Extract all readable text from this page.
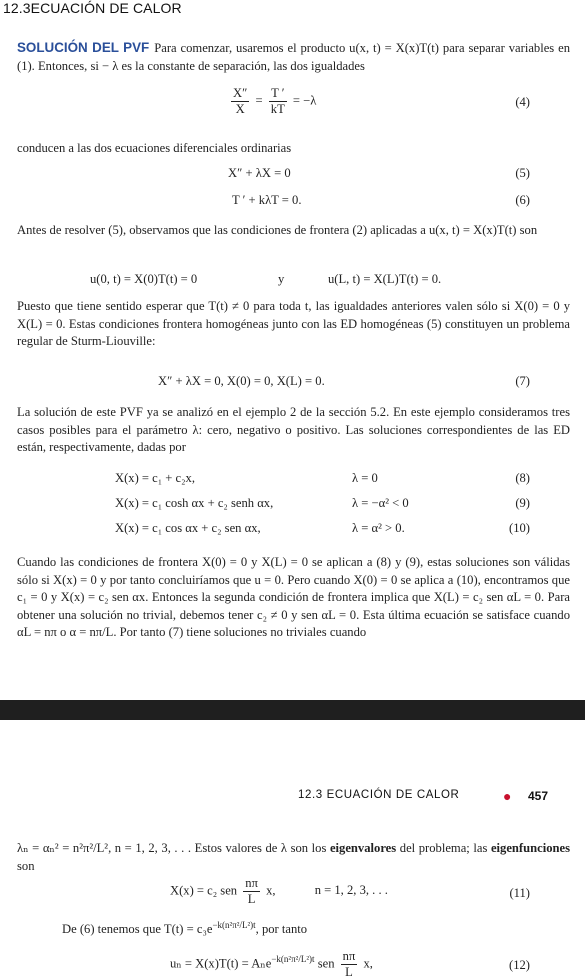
12.3ECUACIÓN DE CALOR
SOLUCIÓN DEL PVF Para comenzar, usaremos el producto u(x, t) = X(x)T(t) para separar variables en (1). Entonces, si − λ es la constante de separación, las dos igualdades
$\frac{X''}{X} = \frac{T '}{kT} = -\lambda$	(4)
conducen a las dos ecuaciones diferenciales ordinarias
X″ + λX = 0	(5)
T ′ + kλT = 0.	(6)
Antes de resolver (5), observamos que las condiciones de frontera (2) aplicadas a u(x, t) = X(x)T(t) son
u(0, t) = X(0)T(t) = 0	y	u(L, t) = X(L)T(t) = 0.
Puesto que tiene sentido esperar que T(t) ≠ 0 para toda t, las igualdades anteriores valen sólo si X(0) = 0 y X(L) = 0. Estas condiciones frontera homogéneas junto con las ED homogéneas (5) constituyen un problema regular de Sturm-Liouville:
X″ + λX = 0, X(0) = 0, X(L) = 0.	(7)
La solución de este PVF ya se analizó en el ejemplo 2 de la sección 5.2. En este ejemplo consideramos tres casos posibles para el parámetro λ: cero, negativo o positivo. Las soluciones correspondientes de las ED están, respectivamente, dadas por
X(x) = c₁ + c₂x,	λ = 0	(8)
X(x) = c₁ cosh αx + c₂ senh αx,	λ = −α² < 0	(9)
X(x) = c₁ cos αx + c₂ sen αx,	λ = α² > 0.	(10)
Cuando las condiciones de frontera X(0) = 0 y X(L) = 0 se aplican a (8) y (9), estas soluciones son válidas sólo si X(x) = 0 y por tanto concluiríamos que u = 0. Pero cuando X(0) = 0 se aplica a (10), encontramos que c₁ = 0 y X(x) = c₂ sen αx. Entonces la segunda condición de frontera implica que X(L) = c₂ sen αL = 0. Para obtener una solución no trivial, debemos tener c₂ ≠ 0 y sen αL = 0. Esta última ecuación se satisface cuando αL = nπ o α = nπ/L. Por tanto (7) tiene soluciones no triviales cuando
12.3 ECUACIÓN DE CALOR	● 457
λₙ = αₙ² = n²π²/L², n = 1, 2, 3, . . . Estos valores de λ son los eigenvalores del problema; las eigenfunciones son
X(x) = c₂ sen $\frac{n\pi}{L} x$,	n = 1, 2, 3, . . .	(11)
De (6) tenemos que $T(t) = c_3e^{-k(n^2\pi^2/L^2)t}$, por tanto
uₙ = X(x)T(t) = Aₙe$^{-k(n^2\pi^2/L^2)t}$ sen $\frac{n\pi}{L} x$,	(12)
